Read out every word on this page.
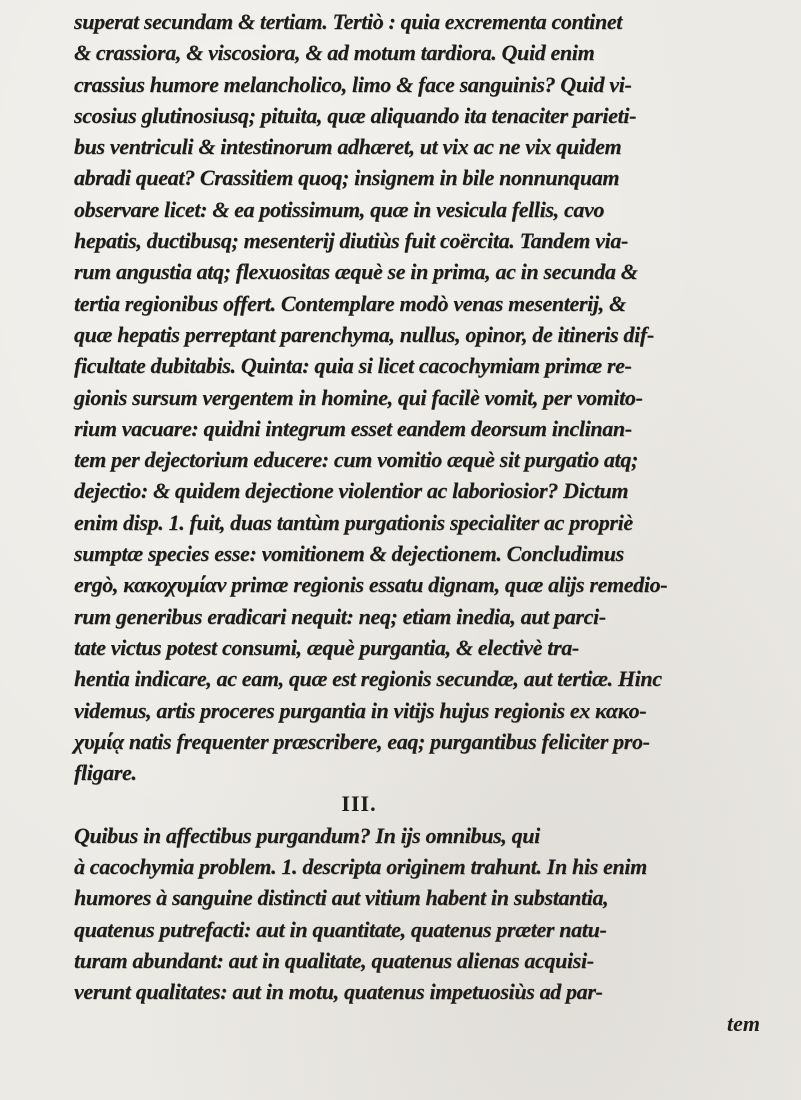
superat secundam & tertiam. Tertiò : quia excrementa continet
& crassiora, & viscosiora, & ad motum tardiora. Quid enim
crassius humore melancholico, limo & face sanguinis? Quid vi-
scosius glutinosiusq; pituita, quæ aliquando ita tenaciter parieti-
bus ventriculi & intestinorum adhæret, ut vix ac ne vix quidem
abradi queat? Crassitiem quoq; insignem in bile nonnunquam
observare licet: & ea potissimum, quæ in vesicula fellis, cavo
hepatis, ductibusq; mesenterij diutiùs fuit coërcita. Tandem via-
rum angustia atq; flexuositas æquè se in prima, ac in secunda &
tertia regionibus offert. Contemplare modò venas mesenterij, &
quæ hepatis perreptant parenchyma, nullus, opinor, de itineris dif-
ficultate dubitabis. Quinta: quia si licet cacochymiam primæ re-
gionis sursum vergentem in homine, qui facilè vomit, per vomito-
rium vacuare: quidni integrum esset eandem deorsum inclinan-
tem per dejectorium educere: cum vomitio æquè sit purgatio atq;
dejectio: & quidem dejectione violentior ac laboriosior? Dictum
enim disp. 1. fuit, duas tantùm purgationis specialiter ac propriè
sumptæ species esse: vomitionem & dejectionem. Concludimus
ergò, κακοχυμίαν primæ regionis essatu dignam, quæ alijs remedio-
rum generibus eradicari nequit: neq; etiam inedia, aut parci-
tate victus potest consumi, æquè purgantia, & electivè tra-
hentia indicare, ac eam, quæ est regionis secundæ, aut tertiæ. Hinc
videmus, artis proceres purgantia in vitijs hujus regionis ex κακο-
χυμίᾳ natis frequenter præscribere, eaq; purgantibus feliciter pro-
fligare.
III.
Quibus in affectibus purgandum? In ijs omnibus, qui
à cacochymia problem. 1. descripta originem trahunt. In his enim
humores à sanguine distincti aut vitium habent in substantia,
quatenus putrefacti: aut in quantitate, quatenus præter natu-
turam abundant: aut in qualitate, quatenus alienas acquisi-
verunt qualitates: aut in motu, quatenus impetuosiùs ad par-
tem
